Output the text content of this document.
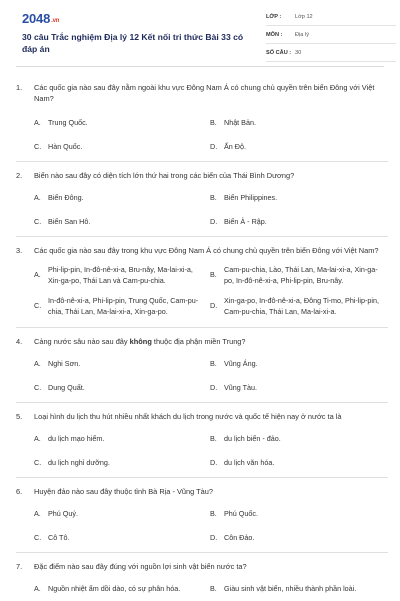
2048.vn
30 câu Trắc nghiệm Địa lý 12 Kết nối tri thức Bài 33 có đáp án
LỚP :	Lớp 12
MÔN :	Địa lý
SỐ CÂU : 30
1.	Các quốc gia nào sau đây nằm ngoài khu vực Đông Nam Á có chung chủ quyền trên biển Đông với Việt Nam?
A.	Trung Quốc.	B.	Nhật Bản.
C. Hàn Quốc.	D. Ấn Độ.
2.	Biển nào sau đây có diện tích lớn thứ hai trong các biển của Thái Bình Dương?
A.	Biển Đông.	B.	Biển Philippines.
C. Biển San Hô.	D. Biển Ả - Rập.
3.	Các quốc gia nào sau đây trong khu vực Đông Nam Á có chung chủ quyền trên biển Đông với Việt Nam?
A.
Phi-lip-pin, In-đô-nê-xi-a, Bru-nây, Ma-lai-xi-a, Xin-ga-po, Thái Lan và Cam-pu-chia.
B.
Cam-pu-chia, Lào, Thái Lan, Ma-lai-xi-a, Xin-ga-po, In-đô-nê-xi-a, Phi-lip-pin, Bru-nây.
C.
In-đô-nê-xi-a, Phi-lip-pin, Trung Quốc, Cam-pu-chia, Thái Lan, Ma-lai-xi-a, Xin-ga-po.
D.
Xin-ga-po, In-đô-nê-xi-a, Đông Ti-mo, Phi-lip-pin, Cam-pu-chia, Thái Lan, Ma-lai-xi-a.
4.	Cảng nước sâu nào sau đây không thuộc địa phận miền Trung?
A.	Nghi Sơn.	B.	Vũng Áng.
C. Dung Quất.	D. Vũng Tàu.
5.	Loại hình du lịch thu hút nhiều nhất khách du lịch trong nước và quốc tế hiện nay ở nước ta là
A.	du lịch mạo hiểm.	B.	du lịch biển - đảo.
C. du lịch nghỉ dưỡng.	D. du lịch văn hóa.
6.	Huyện đảo nào sau đây thuộc tỉnh Bà Rịa - Vũng Tàu?
A.	Phú Quý.	B.	Phú Quốc.
C. Cô Tô.	D. Côn Đảo.
7.	Đặc điểm nào sau đây đúng với nguồn lợi sinh vật biển nước ta?
A.	Nguồn nhiệt ẩm dồi dào, có sự phân hóa.	B.	Giàu sinh vật biển, nhiều thành phần loài.
